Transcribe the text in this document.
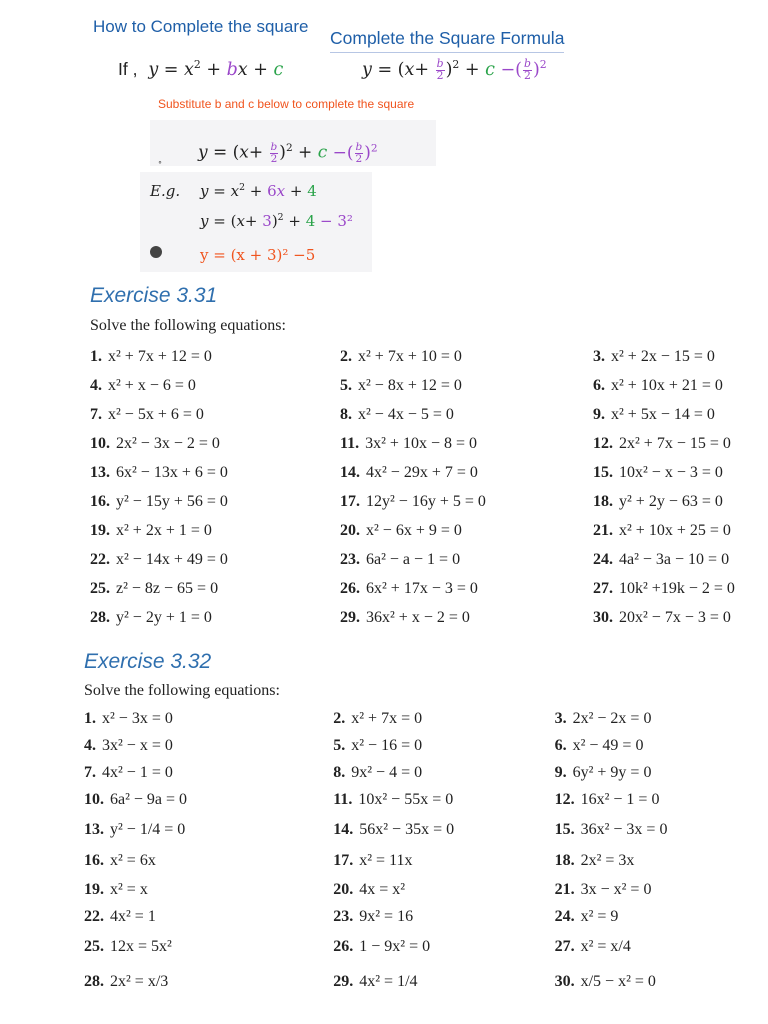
How to Complete the square
Complete the Square Formula
If , $y = x^2$ + bx + c	$y = (x+ \frac{b}{2} )^2 + c$ −( $\frac{b}{2} )^2$
Substitute b and c below to complete the square
˳ $y = (x+ \frac{b}{2} )^2 + c$ −( $\frac{b}{2} )^2$
E.g. $y = x^2 + 6x + 4$
$y = (x+ 3)^2 + 4 - 3^2$
y = (x + 3)² −5
Exercise 3.31
Solve the following equations:
1. x² + 7x + 12 = 0	2. x² + 7x + 10 = 0	3. x² + 2x − 15 = 0
4. x² + x − 6 = 0	5. x² − 8x + 12 = 0	6. x² + 10x + 21 = 0
7. x² − 5x + 6 = 0	8. x² − 4x − 5 = 0	9. x² + 5x − 14 = 0
10. 2x² − 3x − 2 = 0	11. 3x² + 10x − 8 = 0	12. 2x² + 7x − 15 = 0
13. 6x² − 13x + 6 = 0	14. 4x² − 29x + 7 = 0	15. 10x² − x − 3 = 0
16. y² − 15y + 56 = 0	17. 12y² − 16y + 5 = 0	18. y² + 2y − 63 = 0
19. x² + 2x + 1 = 0	20. x² − 6x + 9 = 0	21. x² + 10x + 25 = 0
22. x² − 14x + 49 = 0	23. 6a² − a − 1 = 0	24. 4a² − 3a − 10 = 0
25. z² − 8z − 65 = 0	26. 6x² + 17x − 3 = 0	27. 10k² +19k − 2 = 0
28. y² − 2y + 1 = 0	29. 36x² + x − 2 = 0	30. 20x² − 7x − 3 = 0
Exercise 3.32
Solve the following equations:
1. x² − 3x = 0	2. x² + 7x = 0	3. 2x² − 2x = 0
4. 3x² − x = 0	5. x² − 16 = 0	6. x² − 49 = 0
7. 4x² − 1 = 0	8. 9x² − 4 = 0	9. 6y² + 9y = 0
10. 6a² − 9a = 0	11. 10x² − 55x = 0	12. 16x² − 1 = 0
13. y² − 1/4 = 0	14. 56x² − 35x = 0	15. 36x² − 3x = 0
16. x² = 6x	17. x² = 11x	18. 2x² = 3x
19. x² = x	20. 4x = x²	21. 3x − x² = 0
22. 4x² = 1	23. 9x² = 16	24. x² = 9
25. 12x = 5x²	26. 1 − 9x² = 0	27. x² = x/4
28. 2x² = x/3	29. 4x² = 1/4	30. x/5 − x² = 0
